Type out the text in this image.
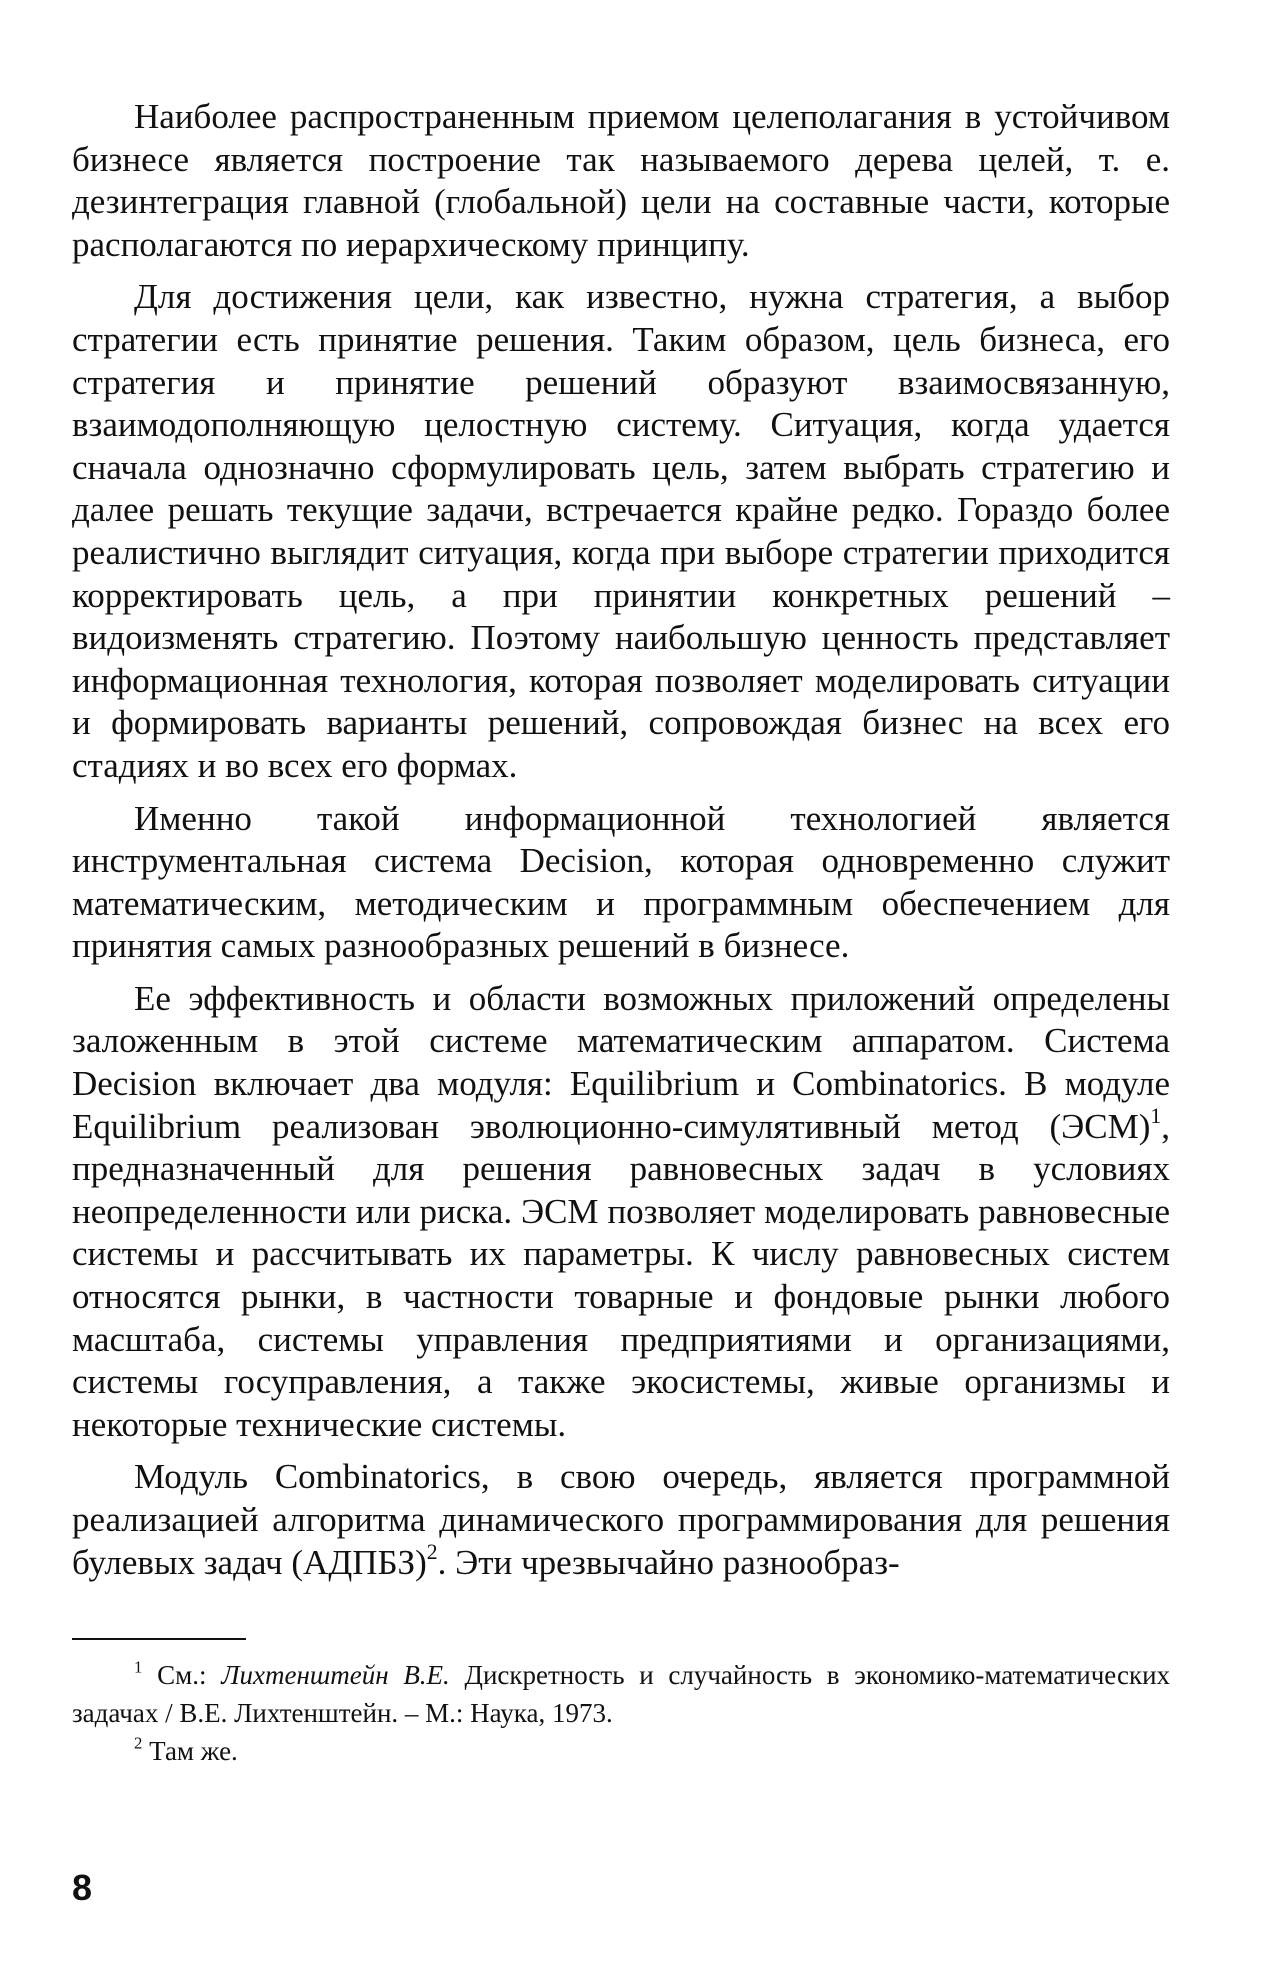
Наиболее распространенным приемом целеполагания в устойчивом бизнесе является построение так называемого дерева целей, т. е. дезинтеграция главной (глобальной) цели на составные части, которые располагаются по иерархическому принципу.

Для достижения цели, как известно, нужна стратегия, а выбор стратегии есть принятие решения. Таким образом, цель бизнеса, его стратегия и принятие решений образуют взаимосвязанную, взаимодополняющую целостную систему. Ситуация, когда удается сначала однозначно сформулировать цель, затем выбрать стратегию и далее решать текущие задачи, встречается крайне редко. Гораздо более реалистично выглядит ситуация, когда при выборе стратегии приходится корректировать цель, а при принятии конкретных решений – видоизменять стратегию. Поэтому наибольшую ценность представляет информационная технология, которая позволяет моделировать ситуации и формировать варианты решений, сопровождая бизнес на всех его стадиях и во всех его формах.

Именно такой информационной технологией является инструментальная система Decision, которая одновременно служит математическим, методическим и программным обеспечением для принятия самых разнообразных решений в бизнесе.

Ее эффективность и области возможных приложений определены заложенным в этой системе математическим аппаратом. Система Decision включает два модуля: Equilibrium и Combinatorics. В модуле Equilibrium реализован эволюционно-симулятивный метод (ЭСМ)$^1$, предназначенный для решения равновесных задач в условиях неопределенности или риска. ЭСМ позволяет моделировать равновесные системы и рассчитывать их параметры. К числу равновесных систем относятся рынки, в частности товарные и фондовые рынки любого масштаба, системы управления предприятиями и организациями, системы госуправления, а также экосистемы, живые организмы и некоторые технические системы.

Модуль Combinatorics, в свою очередь, является программной реализацией алгоритма динамического программирования для решения булевых задач (АДПБЗ)$^2$. Эти чрезвычайно разнообраз-

$^1$ См.: Лихтенштейн В.Е. Дискретность и случайность в экономико-математических задачах / В.Е. Лихтенштейн. – М.: Наука, 1973.

$^2$ Там же.

8
